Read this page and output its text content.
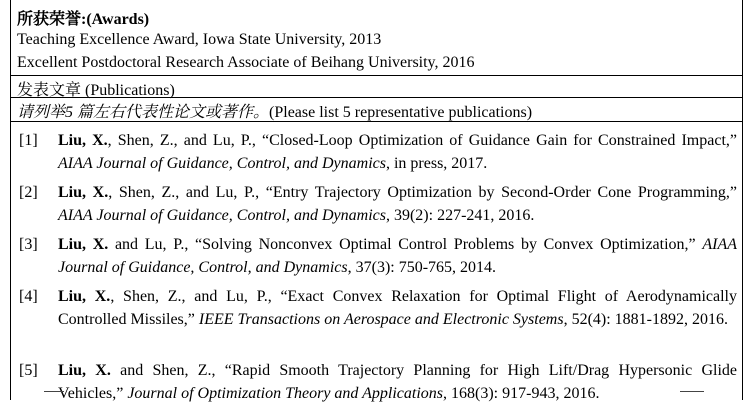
所获荣誉:(Awards)
Teaching Excellence Award, Iowa State University, 2013
Excellent Postdoctoral Research Associate of Beihang University, 2016
发表文章 (Publications)
请列举5 篇左右代表性论文或著作。(Please list 5 representative publications)
[1] Liu, X., Shen, Z., and Lu, P., “Closed-Loop Optimization of Guidance Gain for Constrained Impact,” AIAA Journal of Guidance, Control, and Dynamics, in press, 2017.
[2] Liu, X., Shen, Z., and Lu, P., “Entry Trajectory Optimization by Second-Order Cone Programming,” AIAA Journal of Guidance, Control, and Dynamics, 39(2): 227-241, 2016.
[3] Liu, X. and Lu, P., “Solving Nonconvex Optimal Control Problems by Convex Optimization,” AIAA Journal of Guidance, Control, and Dynamics, 37(3): 750-765, 2014.
[4] Liu, X., Shen, Z., and Lu, P., “Exact Convex Relaxation for Optimal Flight of Aerodynamically Controlled Missiles,” IEEE Transactions on Aerospace and Electronic Systems, 52(4): 1881-1892, 2016.
[5] Liu, X. and Shen, Z., “Rapid Smooth Trajectory Planning for High Lift/Drag Hypersonic Glide Vehicles,” Journal of Optimization Theory and Applications, 168(3): 917-943, 2016.
